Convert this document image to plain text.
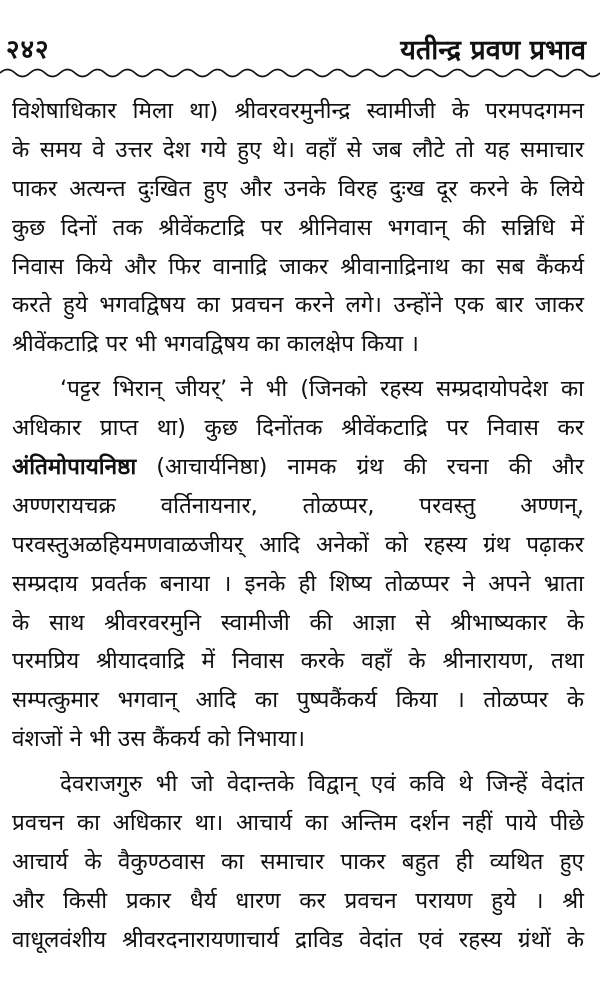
२४२	यतीन्द्र प्रवण प्रभाव
विशेषाधिकार मिला था) श्रीवरवरमुनीन्द्र स्वामीजी के परमपदगमन
के समय वे उत्तर देश गये हुए थे। वहाँ से जब लौटे तो यह समाचार
पाकर अत्यन्त दुःखित हुए और उनके विरह दुःख दूर करने के लिये
कुछ दिनों तक श्रीवेंकटाद्रि पर श्रीनिवास भगवान् की सन्निधि में
निवास किये और फिर वानाद्रि जाकर श्रीवानाद्रिनाथ का सब कैंकर्य
करते हुये भगवद्विषय का प्रवचन करने लगे। उन्होंने एक बार जाकर
श्रीवेंकटाद्रि पर भी भगवद्विषय का कालक्षेप किया ।
‘पट्टर भिरान् जीयर्’ ने भी (जिनको रहस्य सम्प्रदायोपदेश का
अधिकार प्राप्त था) कुछ दिनोंतक श्रीवेंकटाद्रि पर निवास कर
अंतिमोपायनिष्ठा (आचार्यनिष्ठा) नामक ग्रंथ की रचना की और
अण्णरायचक्र वर्तिनायनार, तोळप्पर, परवस्तु अण्णन्,
परवस्तुअळहियमणवाळजीयर् आदि अनेकों को रहस्य ग्रंथ पढ़ाकर
सम्प्रदाय प्रवर्तक बनाया । इनके ही शिष्य तोळप्पर ने अपने भ्राता
के साथ श्रीवरवरमुनि स्वामीजी की आज्ञा से श्रीभाष्यकार के
परमप्रिय श्रीयादवाद्रि में निवास करके वहाँ के श्रीनारायण, तथा
सम्पत्कुमार भगवान् आदि का पुष्पकैंकर्य किया । तोळप्पर के
वंशजों ने भी उस कैंकर्य को निभाया।
देवराजगुरु भी जो वेदान्तके विद्वान् एवं कवि थे जिन्हें वेदांत
प्रवचन का अधिकार था। आचार्य का अन्तिम दर्शन नहीं पाये पीछे
आचार्य के वैकुण्ठवास का समाचार पाकर बहुत ही व्यथित हुए
और किसी प्रकार धैर्य धारण कर प्रवचन परायण हुये । श्री
वाधूलवंशीय श्रीवरदनारायणाचार्य द्राविड वेदांत एवं रहस्य ग्रंथों के
